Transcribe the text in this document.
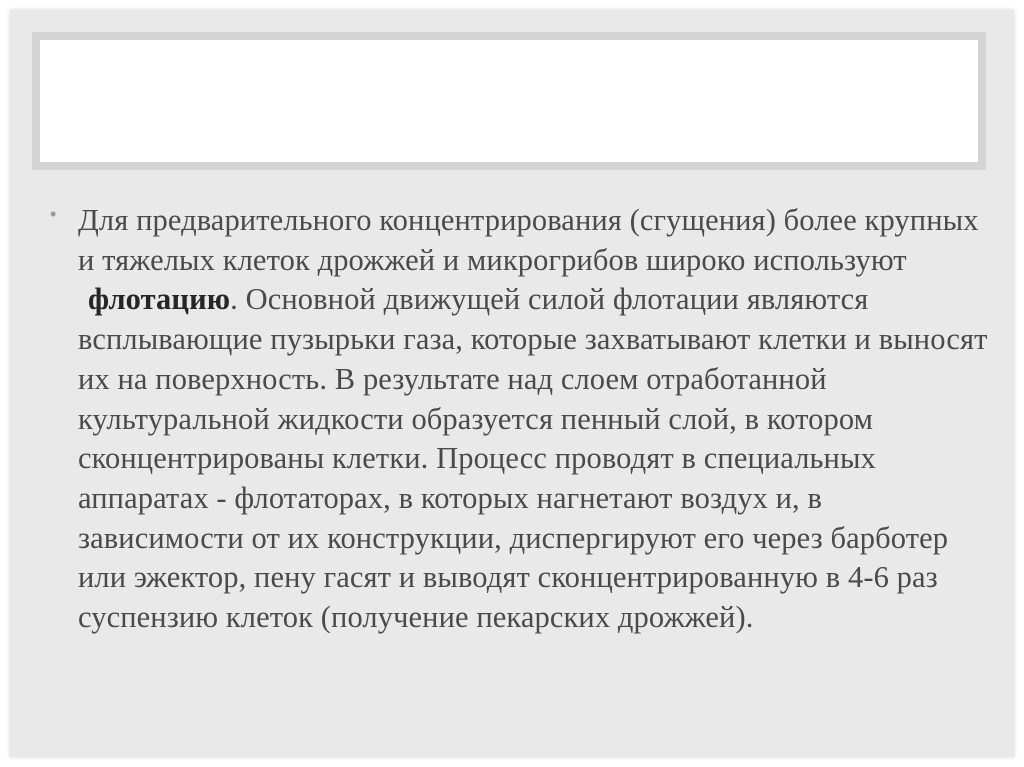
• Для предварительного концентрирования (сгущения) более крупных и тяжелых клеток дрожжей и микрогрибов широко используют флотацию. Основной движущей силой флотации являются всплывающие пузырьки газа, которые захватывают клетки и выносят их на поверхность. В результате над слоем отработанной культуральной жидкости образуется пенный слой, в котором сконцентрированы клетки. Процесс проводят в специальных аппаратах - флотаторах, в которых нагнетают воздух и, в зависимости от их конструкции, диспергируют его через барботер или эжектор, пену гасят и выводят сконцентрированную в 4-6 раз суспензию клеток (получение пекарских дрожжей).
